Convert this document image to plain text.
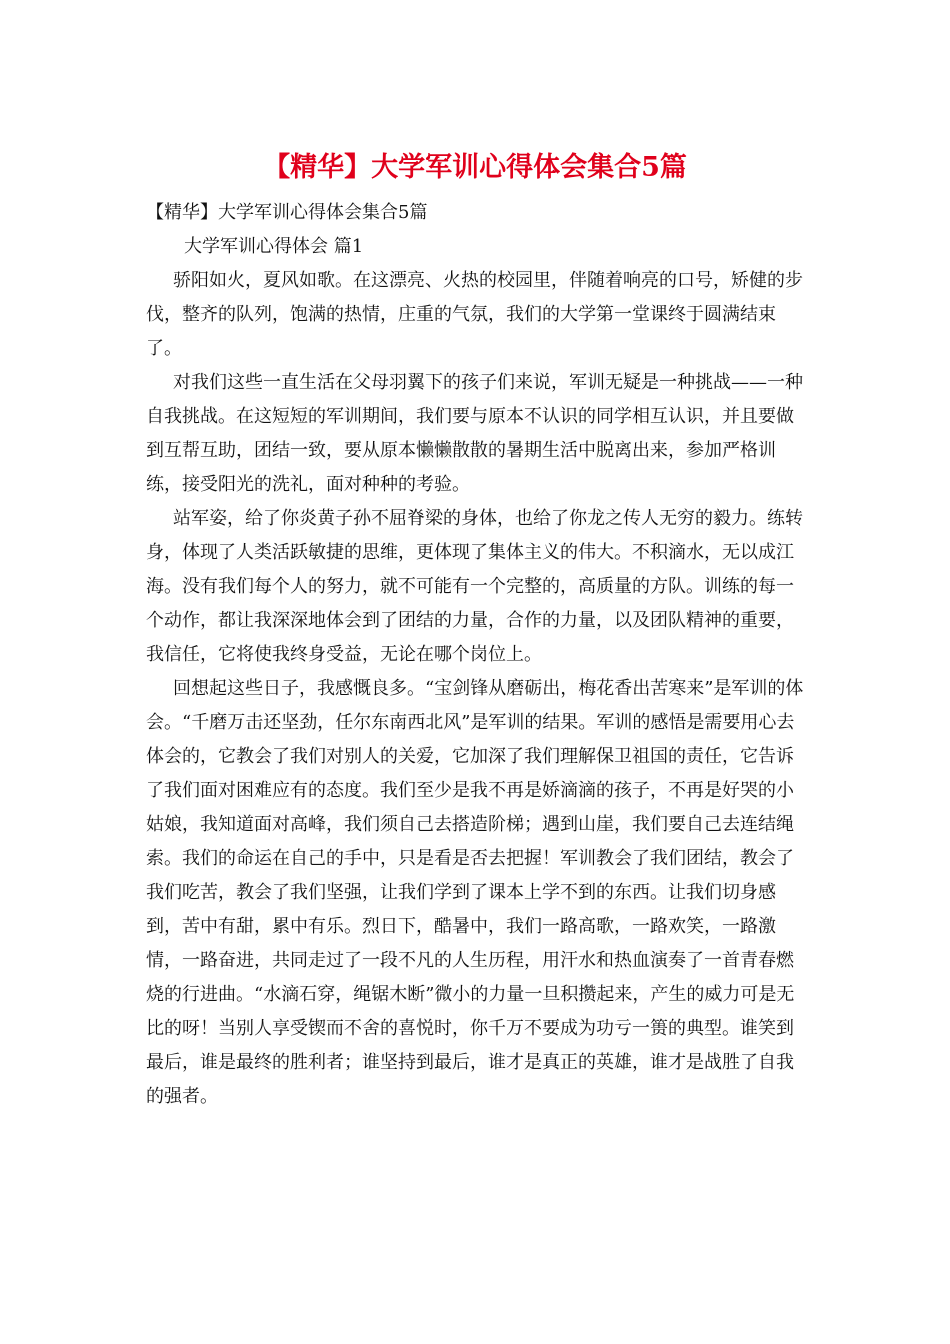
【精华】大学军训心得体会集合5篇
【精华】大学军训心得体会集合5篇
大学军训心得体会 篇1

骄阳如火，夏风如歌。在这漂亮、火热的校园里，伴随着响亮的口号，矫健的步伐，整齐的队列，饱满的热情，庄重的气氛，我们的大学第一堂课终于圆满结束了。

对我们这些一直生活在父母羽翼下的孩子们来说，军训无疑是一种挑战——一种自我挑战。在这短短的军训期间，我们要与原本不认识的同学相互认识，并且要做到互帮互助，团结一致，要从原本懒懒散散的暑期生活中脱离出来，参加严格训练，接受阳光的洗礼，面对种种的考验。

站军姿，给了你炎黄子孙不屈脊梁的身体，也给了你龙之传人无穷的毅力。练转身，体现了人类活跃敏捷的思维，更体现了集体主义的伟大。不积滴水，无以成江海。没有我们每个人的努力，就不可能有一个完整的，高质量的方队。训练的每一个动作，都让我深深地体会到了团结的力量，合作的力量，以及团队精神的重要，我信任，它将使我终身受益，无论在哪个岗位上。

回想起这些日子，我感慨良多。“宝剑锋从磨砺出，梅花香出苦寒来”是军训的体会。“千磨万击还坚劲，任尔东南西北风”是军训的结果。军训的感悟是需要用心去体会的，它教会了我们对别人的关爱，它加深了我们理解保卫祖国的责任，它告诉了我们面对困难应有的态度。我们至少是我不再是娇滴滴的孩子，不再是好哭的小姑娘，我知道面对高峰，我们须自己去搭造阶梯；遇到山崖，我们要自己去连结绳索。我们的命运在自己的手中，只是看是否去把握！军训教会了我们团结，教会了我们吃苦，教会了我们坚强，让我们学到了课本上学不到的东西。让我们切身感到，苦中有甜，累中有乐。烈日下，酷暑中，我们一路高歌，一路欢笑，一路激情，一路奋进，共同走过了一段不凡的人生历程，用汗水和热血演奏了一首青春燃烧的行进曲。“水滴石穿，绳锯木断”微小的力量一旦积攒起来，产生的威力可是无比的呀！当别人享受锲而不舍的喜悦时，你千万不要成为功亏一篑的典型。谁笑到最后，谁是最终的胜利者；谁坚持到最后，谁才是真正的英雄，谁才是战胜了自我的强者。
